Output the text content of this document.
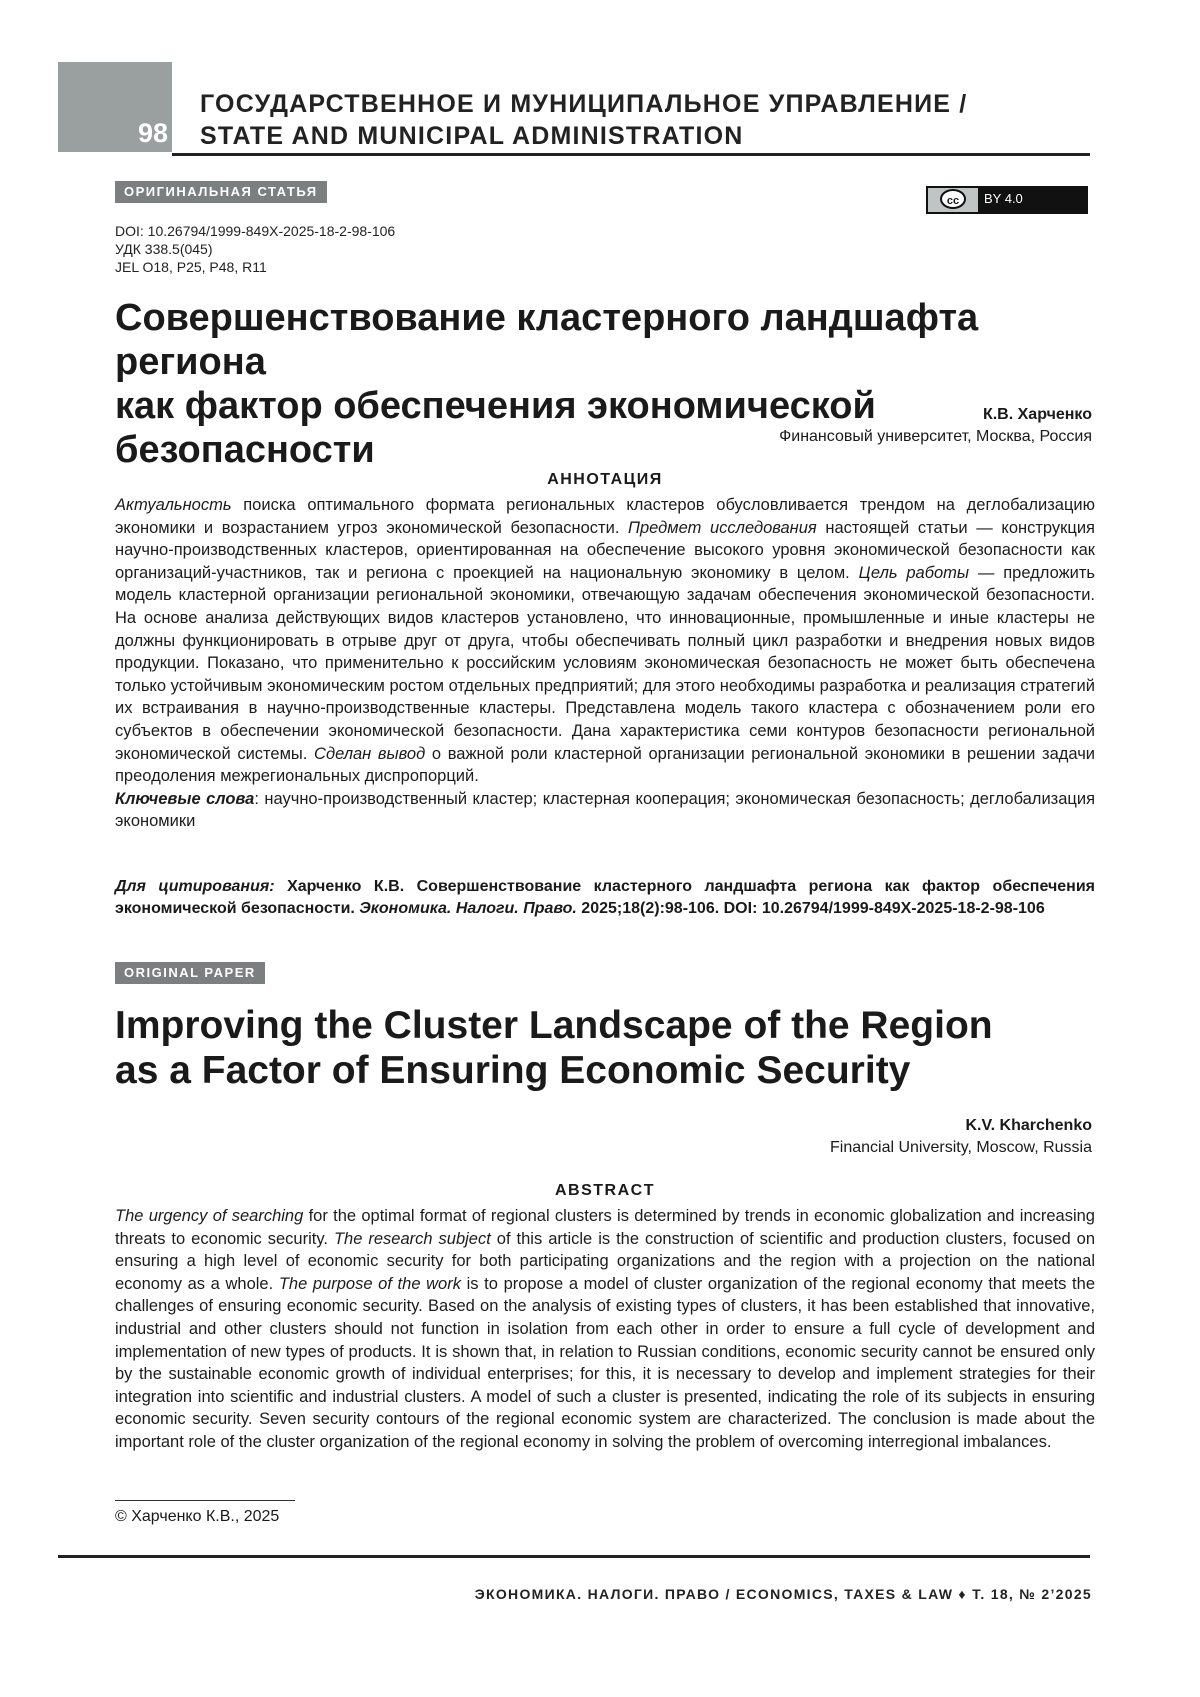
98
ГОСУДАРСТВЕННОЕ И МУНИЦИПАЛЬНОЕ УПРАВЛЕНИЕ /
STATE AND MUNICIPAL ADMINISTRATION
ОРИГИНАЛЬНАЯ СТАТЬЯ
cc	BY 4.0
DOI: 10.26794/1999-849X-2025-18-2-98-106
УДК 338.5(045)
JEL O18, P25, P48, R11
Совершенствование кластерного ландшафта региона
как фактор обеспечения экономической безопасности
К.В. Харченко
Финансовый университет, Москва, Россия
АННОТАЦИЯ
Актуальность поиска оптимального формата региональных кластеров обусловливается трендом на деглобализацию экономики и возрастанием угроз экономической безопасности. Предмет исследования настоящей статьи — конструкция научно-производственных кластеров, ориентированная на обеспечение высокого уровня экономической безопасности как организаций-участников, так и региона с проекцией на национальную экономику в целом. Цель работы — предложить модель кластерной организации региональной экономики, отвечающую задачам обеспечения экономической безопасности. На основе анализа действующих видов кластеров установлено, что инновационные, промышленные и иные кластеры не должны функционировать в отрыве друг от друга, чтобы обеспечивать полный цикл разработки и внедрения новых видов продукции. Показано, что применительно к российским условиям экономическая безопасность не может быть обеспечена только устойчивым экономическим ростом отдельных предприятий; для этого необходимы разработка и реализация стратегий их встраивания в научно-производственные кластеры. Представлена модель такого кластера с обозначением роли его субъектов в обеспечении экономической безопасности. Дана характеристика семи контуров безопасности региональной экономической системы. Сделан вывод о важной роли кластерной организации региональной экономики в решении задачи преодоления межрегиональных диспропорций.
Ключевые слова: научно-производственный кластер; кластерная кооперация; экономическая безопасность; деглобализация экономики
Для цитирования: Харченко К.В. Совершенствование кластерного ландшафта региона как фактор обеспечения экономической безопасности. Экономика. Налоги. Право. 2025;18(2):98-106. DOI: 10.26794/1999-849X-2025-18-2-98-106
ORIGINAL PAPER
Improving the Cluster Landscape of the Region
as a Factor of Ensuring Economic Security
K.V. Kharchenko
Financial University, Moscow, Russia
ABSTRACT
The urgency of searching for the optimal format of regional clusters is determined by trends in economic globalization and increasing threats to economic security. The research subject of this article is the construction of scientific and production clusters, focused on ensuring a high level of economic security for both participating organizations and the region with a projection on the national economy as a whole. The purpose of the work is to propose a model of cluster organization of the regional economy that meets the challenges of ensuring economic security. Based on the analysis of existing types of clusters, it has been established that innovative, industrial and other clusters should not function in isolation from each other in order to ensure a full cycle of development and implementation of new types of products. It is shown that, in relation to Russian conditions, economic security cannot be ensured only by the sustainable economic growth of individual enterprises; for this, it is necessary to develop and implement strategies for their integration into scientific and industrial clusters. A model of such a cluster is presented, indicating the role of its subjects in ensuring economic security. Seven security contours of the regional economic system are characterized. The conclusion is made about the important role of the cluster organization of the regional economy in solving the problem of overcoming interregional imbalances.
© Харченко К.В., 2025
ЭКОНОМИКА. НАЛОГИ. ПРАВО / ECONOMICS, TAXES & LAW ♦ Т. 18, № 2’2025
